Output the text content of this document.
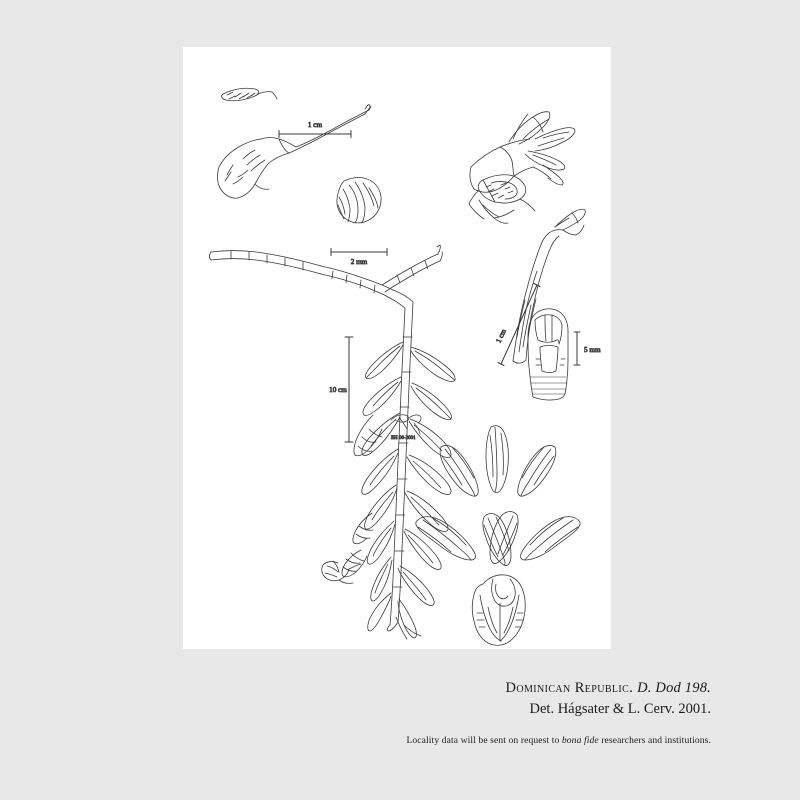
1 cm
2 mm
1 cm
5 mm
10 cm
EH 06-2001
Dominican Republic. D. Dod 198.
Det. Hágsater & L. Cerv. 2001.
Locality data will be sent on request to bona fide researchers and institutions.
